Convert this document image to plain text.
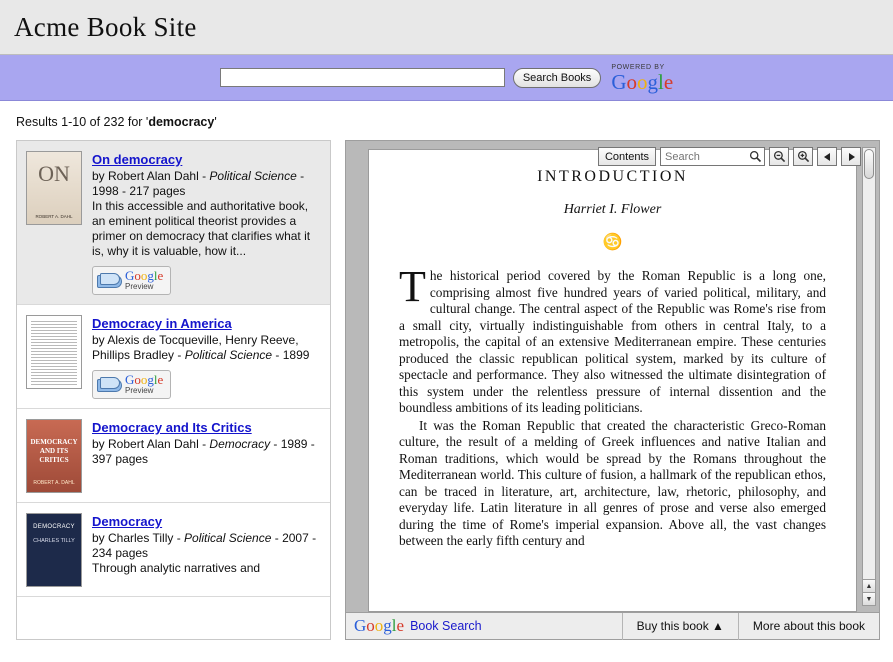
Acme Book Site
Search Books
POWERED BY
Google
Results 1-10 of 232 for 'democracy'
ON
ROBERT A. DAHL
On democracy
by Robert Alan Dahl - Political Science - 1998 - 217 pages
In this accessible and authoritative book, an eminent political theorist provides a primer on democracy that clarifies what it is, why it is valuable, how it...
Google
Preview
Democracy in America
by Alexis de Tocqueville, Henry Reeve, Phillips Bradley - Political Science - 1899
Google
Preview
DEMOCRACY AND ITS CRITICS
ROBERT A. DAHL
Democracy and Its Critics
by Robert Alan Dahl - Democracy - 1989 - 397 pages
DEMOCRACY
CHARLES TILLY
Democracy
by Charles Tilly - Political Science - 2007 - 234 pages
Through analytic narratives and
Contents
Search
INTRODUCTION
Harriet I. Flower
♋

The historical period covered by the Roman Republic is a long one, comprising almost five hundred years of varied political, military, and cultural change. The central aspect of the Republic was Rome's rise from a small city, virtually indistinguishable from others in central Italy, to a metropolis, the capital of an extensive Mediterranean empire. These centuries produced the classic republican political system, marked by its culture of spectacle and performance. They also witnessed the ultimate disintegration of this system under the relentless pressure of internal dissention and the boundless ambitions of its leading politicians.

It was the Roman Republic that created the characteristic Greco-Roman culture, the result of a melding of Greek influences and native Italian and Roman traditions, which would be spread by the Romans throughout the Mediterranean world. This culture of fusion, a hallmark of the republican ethos, can be traced in literature, art, architecture, law, rhetoric, philosophy, and everyday life. Latin literature in all genres of prose and verse also emerged during the time of Rome's imperial expansion. Above all, the vast changes between the early fifth century and

▲
▼
Google Book Search	Buy this book ▲	More about this book
